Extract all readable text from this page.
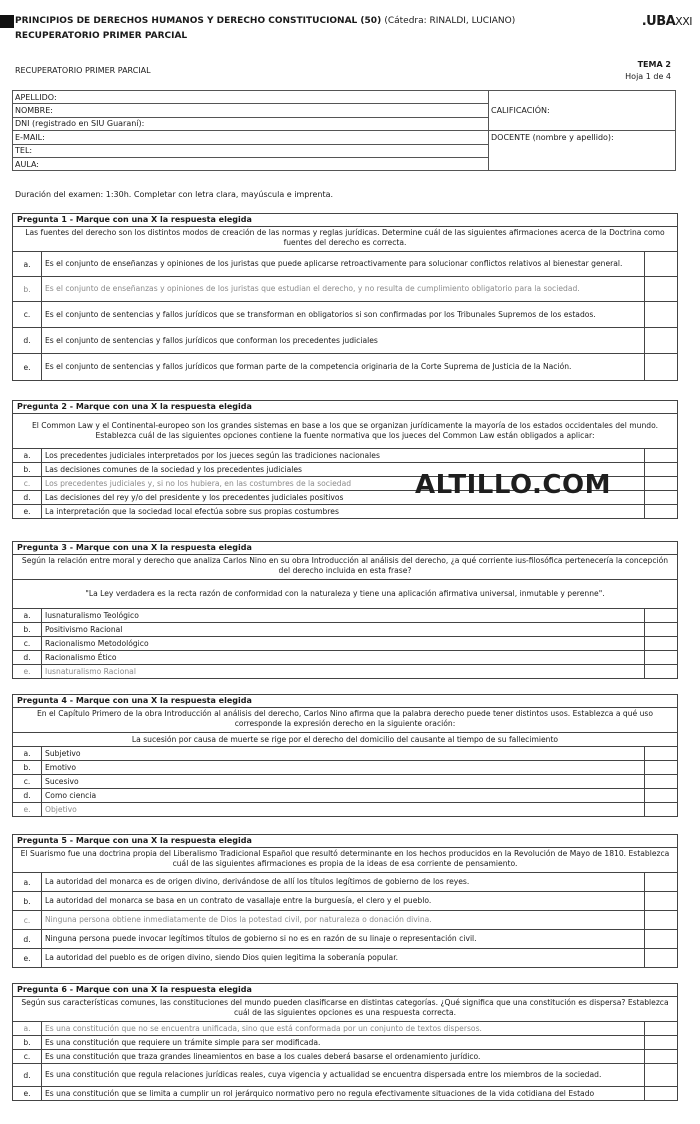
PRINCIPIOS DE DERECHOS HUMANOS Y DERECHO CONSTITUCIONAL (50) (Cátedra: RINALDI, LUCIANO)
RECUPERATORIO PRIMER PARCIAL
.UBAXXI
RECUPERATORIO PRIMER PARCIAL
TEMA 2
Hoja 1 de 4
APELLIDO:	
NOMBRE:	CALIFICACIÓN:
DNI (registrado en SIU Guaraní):	
E-MAIL:	DOCENTE (nombre y apellido):
TEL:	
AULA:	
Duración del examen: 1:30h. Completar con letra clara, mayúscula e imprenta.
Pregunta 1 - Marque con una X la respuesta elegida
Las fuentes del derecho son los distintos modos de creación de las normas y reglas jurídicas. Determine cuál de las siguientes afirmaciones acerca de la Doctrina como fuentes del derecho es correcta.
a.	Es el conjunto de enseñanzas y opiniones de los juristas que puede aplicarse retroactivamente para solucionar conflictos relativos al bienestar general.
b.	Es el conjunto de enseñanzas y opiniones de los juristas que estudian el derecho, y no resulta de cumplimiento obligatorio para la sociedad.
c.	Es el conjunto de sentencias y fallos jurídicos que se transforman en obligatorios si son confirmadas por los Tribunales Supremos de los estados.
d.	Es el conjunto de sentencias y fallos jurídicos que conforman los precedentes judiciales
e.	Es el conjunto de sentencias y fallos jurídicos que forman parte de la competencia originaria de la Corte Suprema de Justicia de la Nación.
Pregunta 2 - Marque con una X la respuesta elegida
El Common Law y el Continental-europeo son los grandes sistemas en base a los que se organizan jurídicamente la mayoría de los estados occidentales del mundo. Establezca cuál de las siguientes opciones contiene la fuente normativa que los jueces del Common Law están obligados a aplicar:
a.	Los precedentes judiciales interpretados por los jueces según las tradiciones nacionales
b.	Las decisiones comunes de la sociedad y los precedentes judiciales
c.	Los precedentes judiciales y, si no los hubiera, en las costumbres de la sociedad
d.	Las decisiones del rey y/o del presidente y los precedentes judiciales positivos
e.	La interpretación que la sociedad local efectúa sobre sus propias costumbres
ALTILLO.COM
Pregunta 3 - Marque con una X la respuesta elegida
Según la relación entre moral y derecho que analiza Carlos Nino en su obra Introducción al análisis del derecho, ¿a qué corriente ius-filosófica pertenecería la concepción del derecho incluida en esta frase?
"La Ley verdadera es la recta razón de conformidad con la naturaleza y tiene una aplicación afirmativa universal, inmutable y perenne".
a.	Iusnaturalismo Teológico
b.	Positivismo Racional
c.	Racionalismo Metodológico
d.	Racionalismo Ético
e.	Iusnaturalismo Racional
Pregunta 4 - Marque con una X la respuesta elegida
En el Capítulo Primero de la obra Introducción al análisis del derecho, Carlos Nino afirma que la palabra derecho puede tener distintos usos. Establezca a qué uso corresponde la expresión derecho en la siguiente oración:
La sucesión por causa de muerte se rige por el derecho del domicilio del causante al tiempo de su fallecimiento
a.	Subjetivo
b.	Emotivo
c.	Sucesivo
d.	Como ciencia
e.	Objetivo
Pregunta 5 - Marque con una X la respuesta elegida
El Suarismo fue una doctrina propia del Liberalismo Tradicional Español que resultó determinante en los hechos producidos en la Revolución de Mayo de 1810. Establezca cuál de las siguientes afirmaciones es propia de la ideas de esa corriente de pensamiento.
a.	La autoridad del monarca es de origen divino, derivándose de allí los títulos legítimos de gobierno de los reyes.
b.	La autoridad del monarca se basa en un contrato de vasallaje entre la burguesía, el clero y el pueblo.
c.	Ninguna persona obtiene inmediatamente de Dios la potestad civil, por naturaleza o donación divina.
d.	Ninguna persona puede invocar legítimos títulos de gobierno si no es en razón de su linaje o representación civil.
e.	La autoridad del pueblo es de origen divino, siendo Dios quien legitima la soberanía popular.
Pregunta 6 - Marque con una X la respuesta elegida
Según sus características comunes, las constituciones del mundo pueden clasificarse en distintas categorías. ¿Qué significa que una constitución es dispersa? Establezca cuál de las siguientes opciones es una respuesta correcta.
a.	Es una constitución que no se encuentra unificada, sino que está conformada por un conjunto de textos dispersos.
b.	Es una constitución que requiere un trámite simple para ser modificada.
c.	Es una constitución que traza grandes lineamientos en base a los cuales deberá basarse el ordenamiento jurídico.
d.	Es una constitución que regula relaciones jurídicas reales, cuya vigencia y actualidad se encuentra dispersada entre los miembros de la sociedad.
e.	Es una constitución que se limita a cumplir un rol jerárquico normativo pero no regula efectivamente situaciones de la vida cotidiana del Estado
